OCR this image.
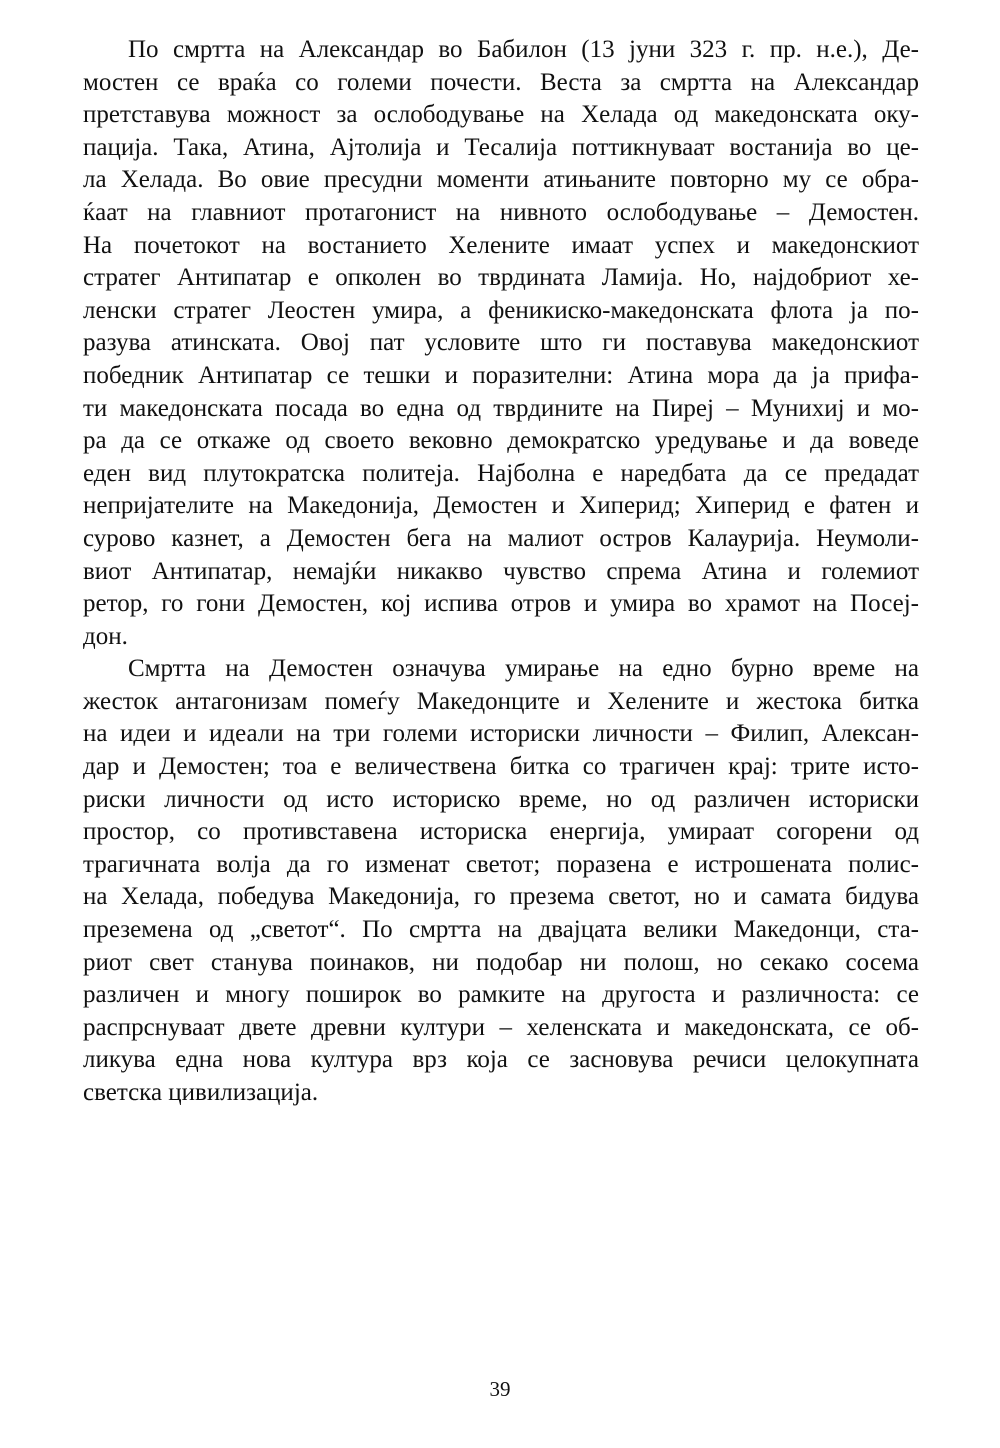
По смртта на Александар во Бабилон (13 јуни 323 г. пр. н.е.), Де-
мостен се враќа со големи почести. Веста за смртта на Александар
претставува можност за ослободување на Хелада од македонската оку-
пација. Така, Атина, Ајтолија и Тесалија поттикнуваат востанија во це-
ла Хелада. Во овие пресудни моменти атињаните повторно му се обра-
ќаат на главниот протагонист на нивното ослободување – Демостен.
На почетокот на востанието Хелените имаат успех и македонскиот
стратег Антипатар е опколен во тврдината Ламија. Но, најдобриот хе-
ленски стратег Леостен умира, а феникиско-македонската флота ја по-
разува атинската. Овој пат условите што ги поставува македонскиот
победник Антипатар се тешки и поразителни: Атина мора да ја прифа-
ти македонската посада во една од тврдините на Пиреј – Мунихиј и мо-
ра да се откаже од своето вековно демократско уредување и да воведе
еден вид плутократска политеја. Најболна е наредбата да се предадат
непријателите на Македонија, Демостен и Хиперид; Хиперид е фатен и
сурово казнет, а Демостен бега на малиот остров Калауриja. Неумоли-
виот Антипатар, немајќи никакво чувство спрема Атина и големиот
ретор, го гони Демостен, кој испива отров и умира во храмот на Посеј-
дон.
Смртта на Демостен означува умирање на едно бурно време на
жесток антагонизам помеѓу Македонците и Хелените и жестока битка
на идеи и идеали на три големи историски личности – Филип, Алексан-
дар и Демостен; тоа е величествена битка со трагичен крај: трите исто-
риски личности од исто историско време, но од различен историски
простор, со противставена историска енергија, умираат согорени од
трагичната волја да го изменат светот; поразена е истрошената полис-
на Хелада, победува Македонија, го презема светот, но и самата бидува
преземена од „светот“. По смртта на двајцата велики Македонци, ста-
риот свет станува поинаков, ни подобар ни полош, но секако сосема
различен и многу поширок во рамките на другоста и различноста: се
распрснуваат двете древни култури – хеленската и македонската, се об-
ликува една нова култура врз која се засновува речиси целокупната
светска цивилизација.
39
